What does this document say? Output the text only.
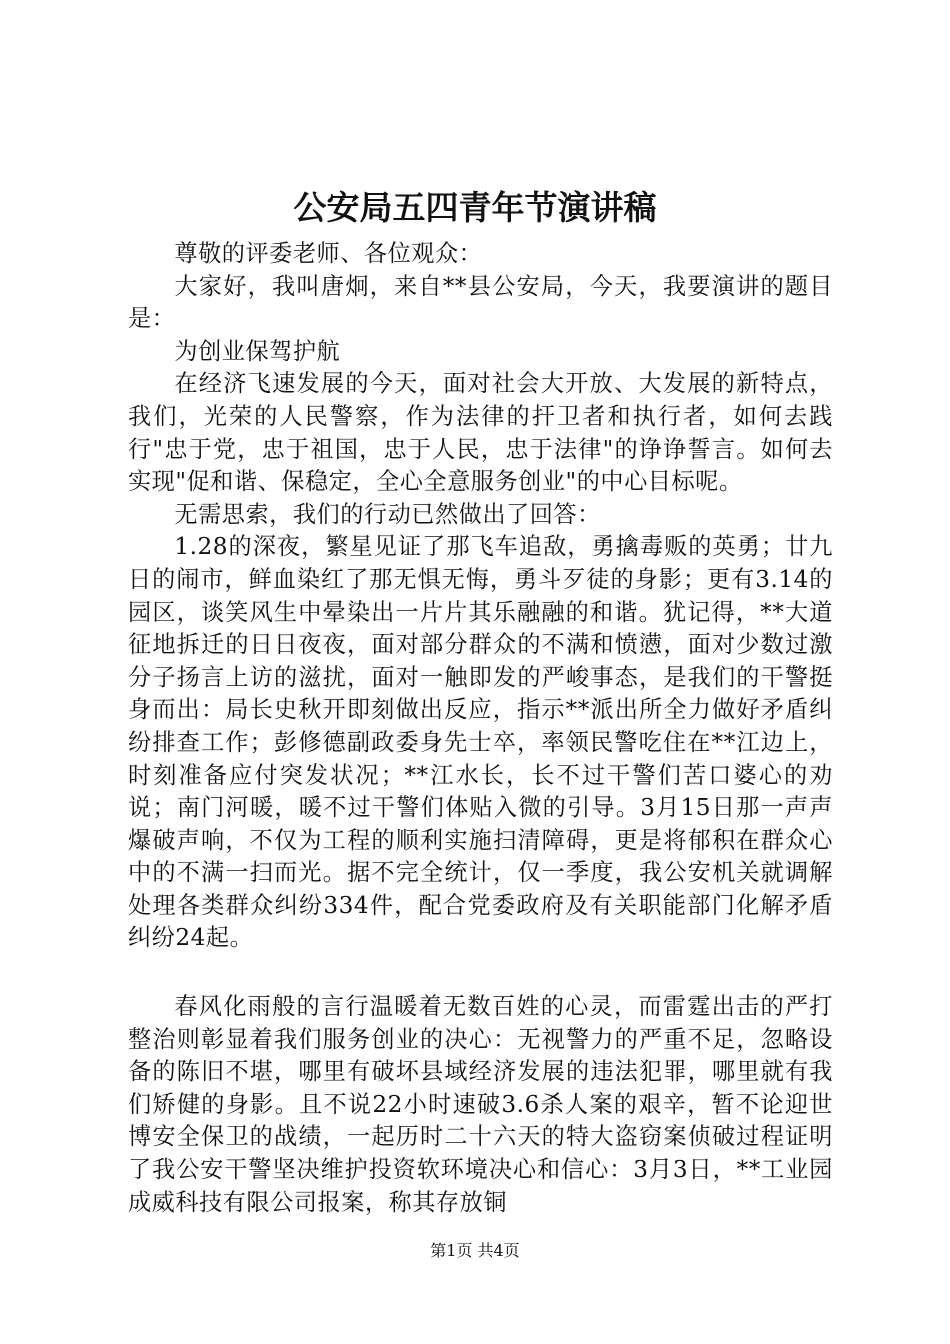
公安局五四青年节演讲稿

尊敬的评委老师、各位观众：

大家好，我叫唐炯，来自**县公安局，今天，我要演讲的题目是：

为创业保驾护航

在经济飞速发展的今天，面对社会大开放、大发展的新特点，我们，光荣的人民警察，作为法律的扞卫者和执行者，如何去践行"忠于党，忠于祖国，忠于人民，忠于法律"的诤诤誓言。如何去实现"促和谐、保稳定，全心全意服务创业"的中心目标呢。

无需思索，我们的行动已然做出了回答：

1.28的深夜，繁星见证了那飞车追敌，勇擒毒贩的英勇；廿九日的闹市，鲜血染红了那无惧无悔，勇斗歹徒的身影；更有3.14的园区，谈笑风生中晕染出一片片其乐融融的和谐。犹记得，**大道征地拆迁的日日夜夜，面对部分群众的不满和愤懑，面对少数过激分子扬言上访的滋扰，面对一触即发的严峻事态，是我们的干警挺身而出：局长史秋开即刻做出反应，指示**派出所全力做好矛盾纠纷排查工作；彭修德副政委身先士卒，率领民警吃住在**江边上，时刻准备应付突发状况；**江水长，长不过干警们苦口婆心的劝说；南门河暖，暖不过干警们体贴入微的引导。3月15日那一声声爆破声响，不仅为工程的顺利实施扫清障碍，更是将郁积在群众心中的不满一扫而光。据不完全统计，仅一季度，我公安机关就调解处理各类群众纠纷334件，配合党委政府及有关职能部门化解矛盾纠纷24起。

春风化雨般的言行温暖着无数百姓的心灵，而雷霆出击的严打整治则彰显着我们服务创业的决心：无视警力的严重不足，忽略设备的陈旧不堪，哪里有破坏县域经济发展的违法犯罪，哪里就有我们矫健的身影。且不说22小时速破3.6杀人案的艰辛，暂不论迎世博安全保卫的战绩，一起历时二十六天的特大盗窃案侦破过程证明了我公安干警坚决维护投资软环境决心和信心：3月3日，**工业园成威科技有限公司报案，称其存放铜

第1页 共4页
